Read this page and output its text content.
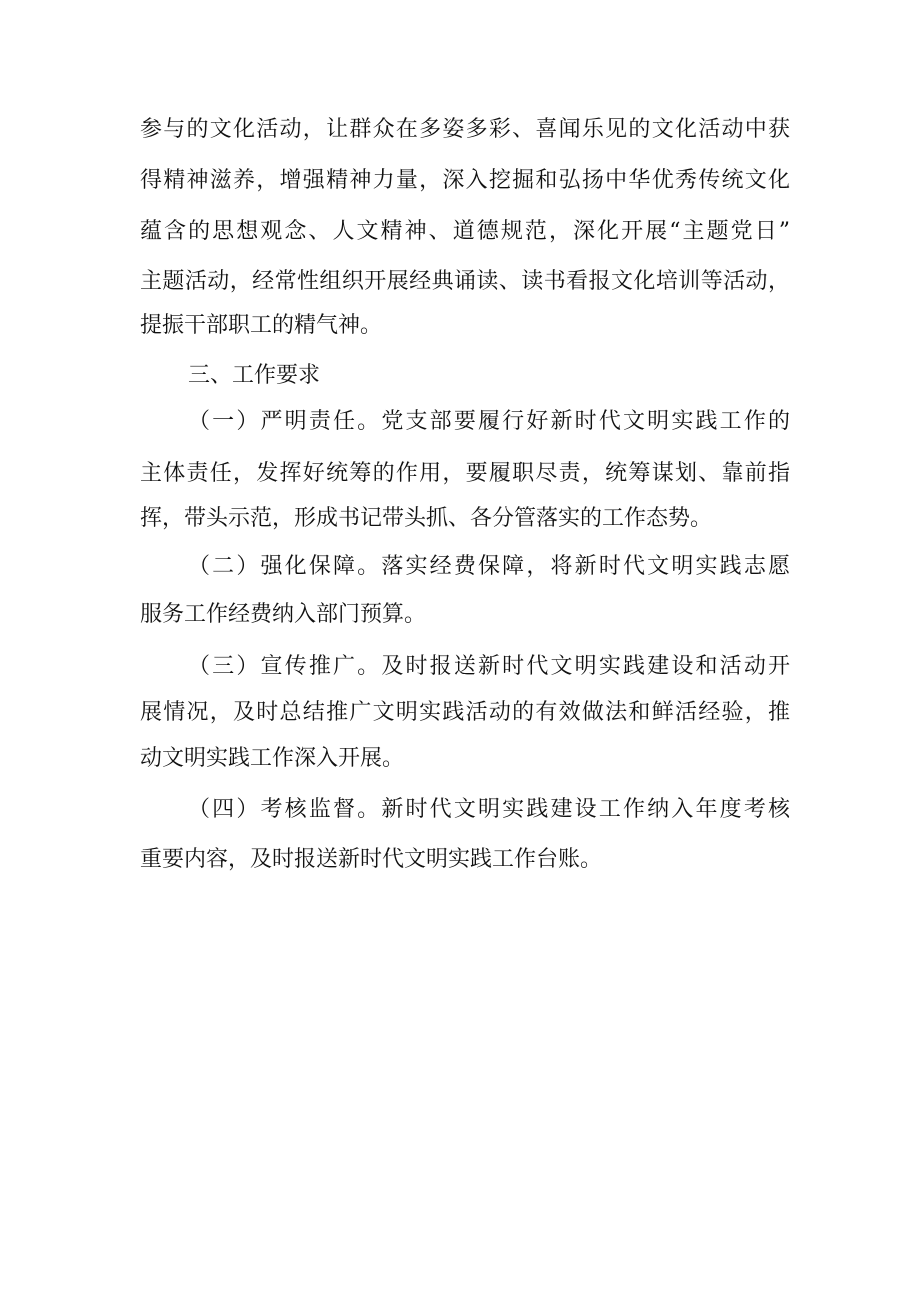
参与的文化活动，让群众在多姿多彩、喜闻乐见的文化活动中获
得精神滋养，增强精神力量，深入挖掘和弘扬中华优秀传统文化
蕴含的思想观念、人文精神、道德规范，深化开展“主题党日”
主题活动，经常性组织开展经典诵读、读书看报文化培训等活动，
提振干部职工的精气神。
三、工作要求
（一）严明责任。党支部要履行好新时代文明实践工作的
主体责任，发挥好统筹的作用，要履职尽责，统筹谋划、靠前指
挥，带头示范，形成书记带头抓、各分管落实的工作态势。
（二）强化保障。落实经费保障，将新时代文明实践志愿
服务工作经费纳入部门预算。
（三）宣传推广。及时报送新时代文明实践建设和活动开
展情况，及时总结推广文明实践活动的有效做法和鲜活经验，推
动文明实践工作深入开展。
（四）考核监督。新时代文明实践建设工作纳入年度考核
重要内容，及时报送新时代文明实践工作台账。
